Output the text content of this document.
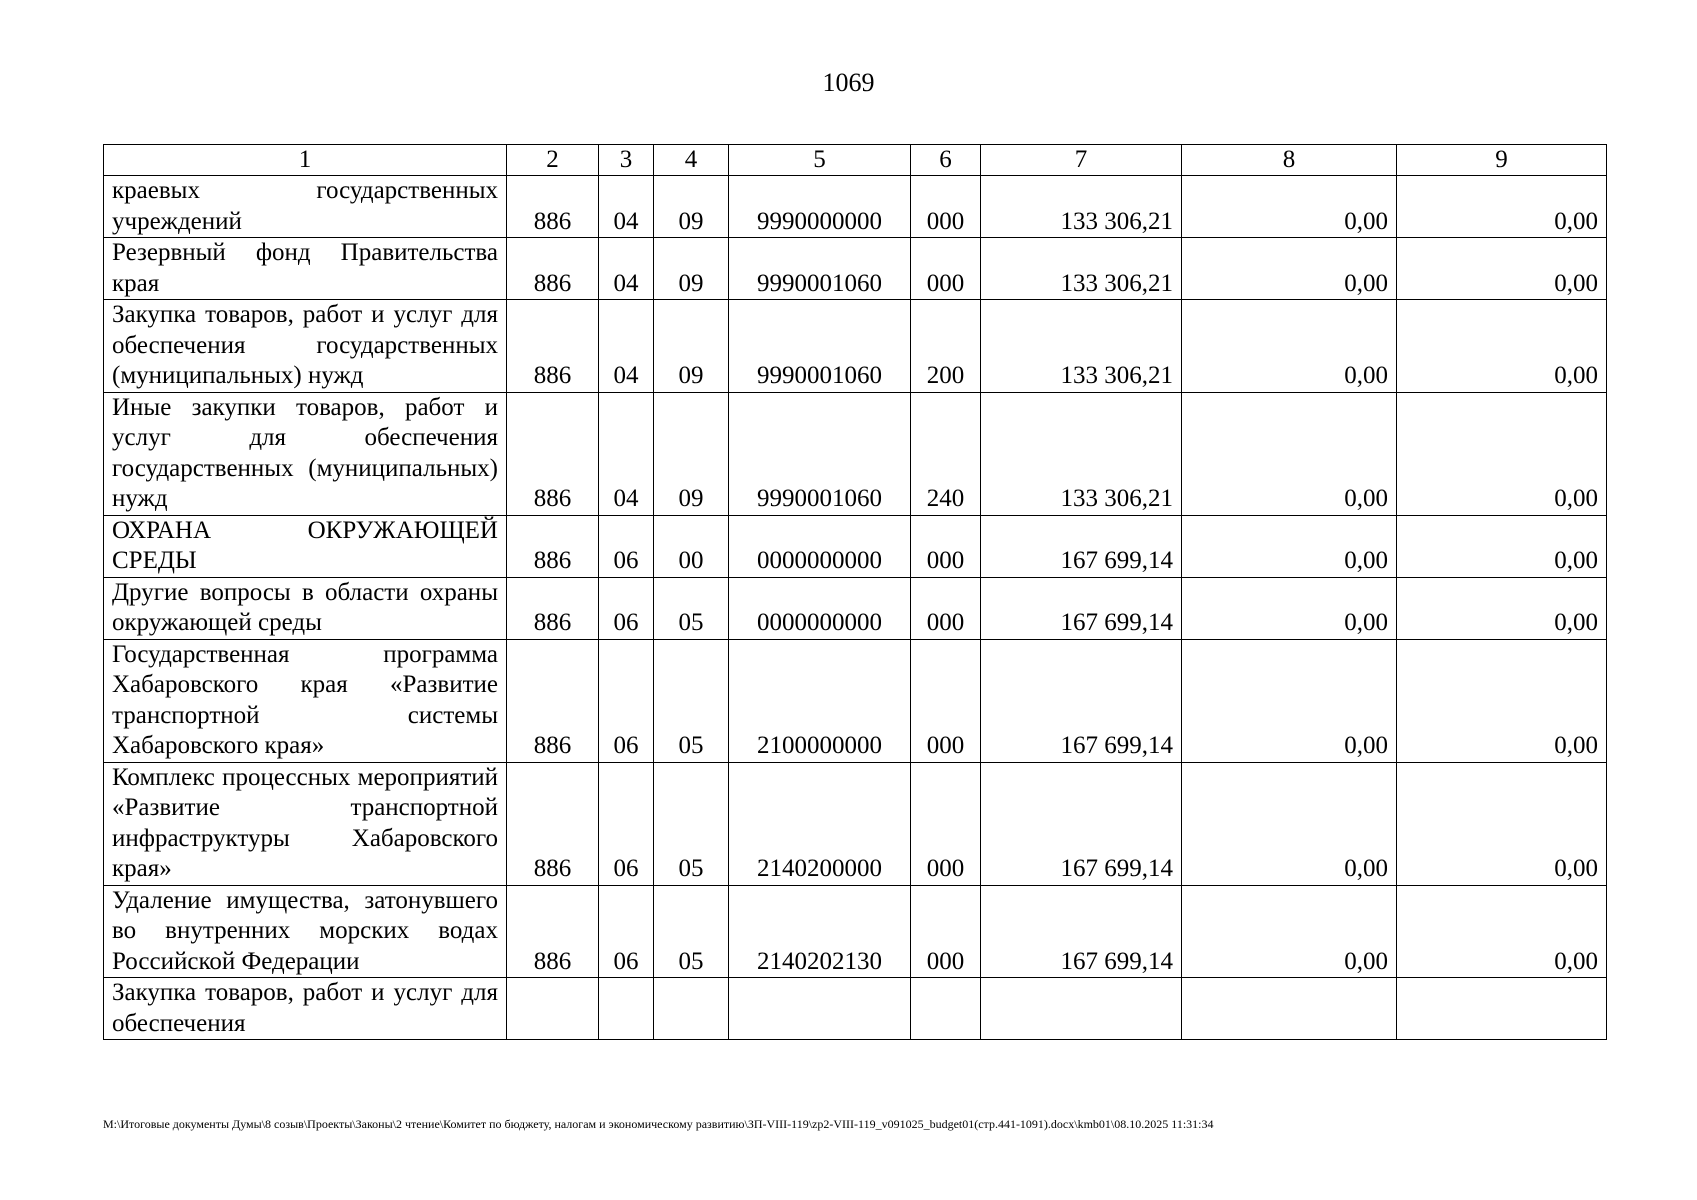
1069
1	2	3	4	5	6	7	8	9
краевых государственных учреждений	886	04	09	9990000000	000	133 306,21	0,00	0,00
Резервный фонд Правительства края	886	04	09	9990001060	000	133 306,21	0,00	0,00
Закупка товаров, работ и услуг для обеспечения государственных (муниципальных) нужд	886	04	09	9990001060	200	133 306,21	0,00	0,00
Иные закупки товаров, работ и услуг для обеспечения государственных (муниципальных) нужд	886	04	09	9990001060	240	133 306,21	0,00	0,00
ОХРАНА ОКРУЖАЮЩЕЙ СРЕДЫ	886	06	00	0000000000	000	167 699,14	0,00	0,00
Другие вопросы в области охраны окружающей среды	886	06	05	0000000000	000	167 699,14	0,00	0,00
Государственная программа Хабаровского края «Развитие транспортной системы Хабаровского края»	886	06	05	2100000000	000	167 699,14	0,00	0,00
Комплекс процессных мероприятий «Развитие транспортной инфраструктуры Хабаровского края»	886	06	05	2140200000	000	167 699,14	0,00	0,00
Удаление имущества, затонувшего во внутренних морских водах Российской Федерации	886	06	05	2140202130	000	167 699,14	0,00	0,00
Закупка товаров, работ и услуг для обеспечения								
M:\Итоговые документы Думы\8 созыв\Проекты\Законы\2 чтение\Комитет по бюджету, налогам и экономическому развитию\ЗП-VIII-119\zp2-VIII-119_v091025_budget01(стр.441-1091).docx\kmb01\08.10.2025 11:31:34
